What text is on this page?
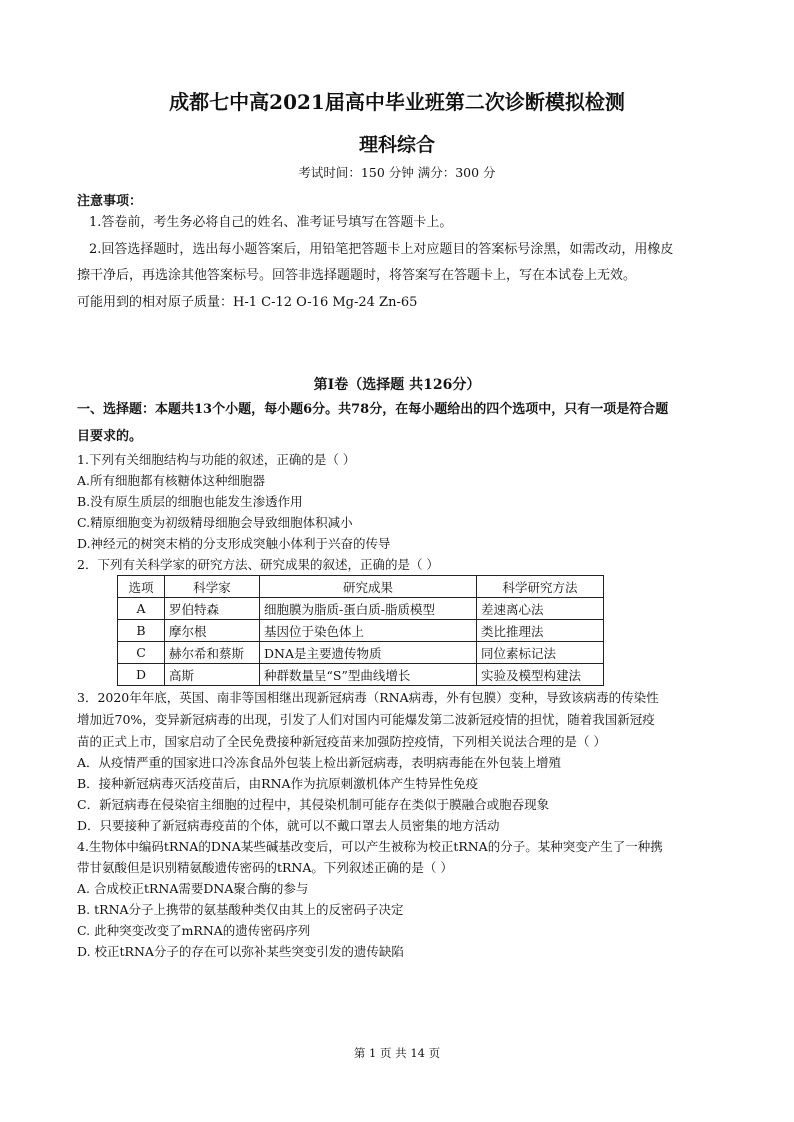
成都七中高2021届高中毕业班第二次诊断模拟检测
理科综合
考试时间：150 分钟 满分：300 分
注意事项：
1.答卷前，考生务必将自己的姓名、准考证号填写在答题卡上。
2.回答选择题时，选出每小题答案后，用铅笔把答题卡上对应题目的答案标号涂黑，如需改动，用橡皮
擦干净后，再选涂其他答案标号。回答非选择题题时，将答案写在答题卡上，写在本试卷上无效。
可能用到的相对原子质量：H-1 C-12 O-16 Mg-24 Zn-65
第Ⅰ卷（选择题 共126分）
一、选择题：本题共13个小题，每小题6分。共78分，在每小题给出的四个选项中，只有一项是符合题
目要求的。
1.下列有关细胞结构与功能的叙述，正确的是（ ）
A.所有细胞都有核糖体这种细胞器
B.没有原生质层的细胞也能发生渗透作用
C.精原细胞变为初级精母细胞会导致细胞体积减小
D.神经元的树突末梢的分支形成突触小体利于兴奋的传导
2．下列有关科学家的研究方法、研究成果的叙述，正确的是（ ）
选项	科学家	研究成果	科学研究方法
A	罗伯特森	细胞膜为脂质-蛋白质-脂质模型	差速离心法
B	摩尔根	基因位于染色体上	类比推理法
C	赫尔希和蔡斯	DNA是主要遗传物质	同位素标记法
D	高斯	种群数量呈“S”型曲线增长	实验及模型构建法
3．2020年年底，英国、南非等国相继出现新冠病毒（RNA病毒，外有包膜）变种，导致该病毒的传染性
增加近70%，变异新冠病毒的出现，引发了人们对国内可能爆发第二波新冠疫情的担忧，随着我国新冠疫
苗的正式上市，国家启动了全民免费接种新冠疫苗来加强防控疫情，下列相关说法合理的是（ ）
A．从疫情严重的国家进口冷冻食品外包装上检出新冠病毒，表明病毒能在外包装上增殖
B．接种新冠病毒灭活疫苗后，由RNA作为抗原刺激机体产生特异性免疫
C．新冠病毒在侵染宿主细胞的过程中，其侵染机制可能存在类似于膜融合或胞吞现象
D．只要接种了新冠病毒疫苗的个体，就可以不戴口罩去人员密集的地方活动
4.生物体中编码tRNA的DNA某些碱基改变后，可以产生被称为校正tRNA的分子。某种突变产生了一种携
带甘氨酸但是识别精氨酸遗传密码的tRNA。下列叙述正确的是（ ）
A. 合成校正tRNA需要DNA聚合酶的参与
B. tRNA分子上携带的氨基酸种类仅由其上的反密码子决定
C. 此种突变改变了mRNA的遗传密码序列
D. 校正tRNA分子的存在可以弥补某些突变引发的遗传缺陷
第 1 页 共 14 页
